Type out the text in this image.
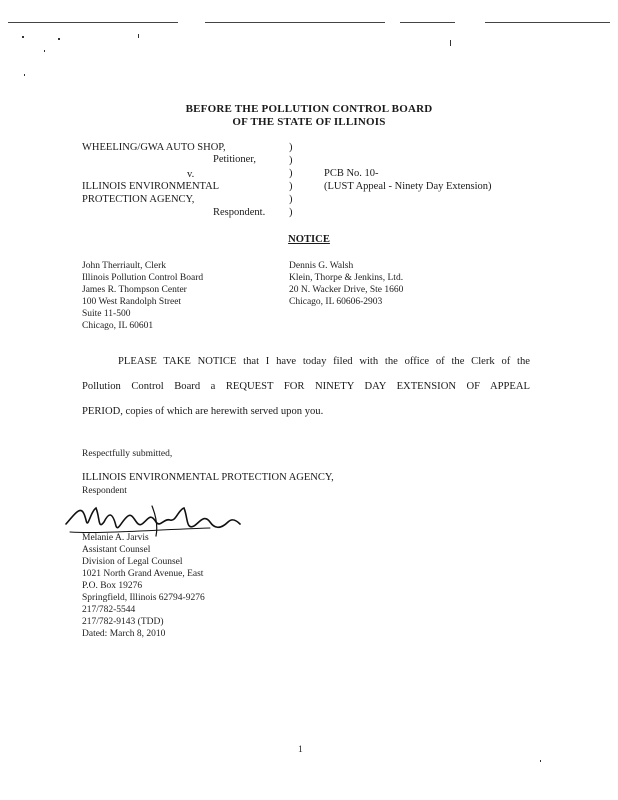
BEFORE THE POLLUTION CONTROL BOARD
OF THE STATE OF ILLINOIS
WHEELING/GWA AUTO SHOP,
Petitioner,
v.
ILLINOIS ENVIRONMENTAL
PROTECTION AGENCY,
Respondent.
)
)
)
)
)
)
PCB No. 10-
(LUST Appeal - Ninety Day Extension)
NOTICE
John Therriault, Clerk
Illinois Pollution Control Board
James R. Thompson Center
100 West Randolph Street
Suite 11-500
Chicago, IL 60601
Dennis G. Walsh
Klein, Thorpe & Jenkins, Ltd.
20 N. Wacker Drive, Ste 1660
Chicago, IL 60606-2903
PLEASE TAKE NOTICE that I have today filed with the office of the Clerk of the
Pollution Control Board a REQUEST FOR NINETY DAY EXTENSION OF APPEAL
PERIOD, copies of which are herewith served upon you.
Respectfully submitted,
ILLINOIS ENVIRONMENTAL PROTECTION AGENCY,
Respondent
Melanie A. Jarvis
Assistant Counsel
Division of Legal Counsel
1021 North Grand Avenue, East
P.O. Box 19276
Springfield, Illinois 62794-9276
217/782-5544
217/782-9143 (TDD)
Dated: March 8, 2010
1
